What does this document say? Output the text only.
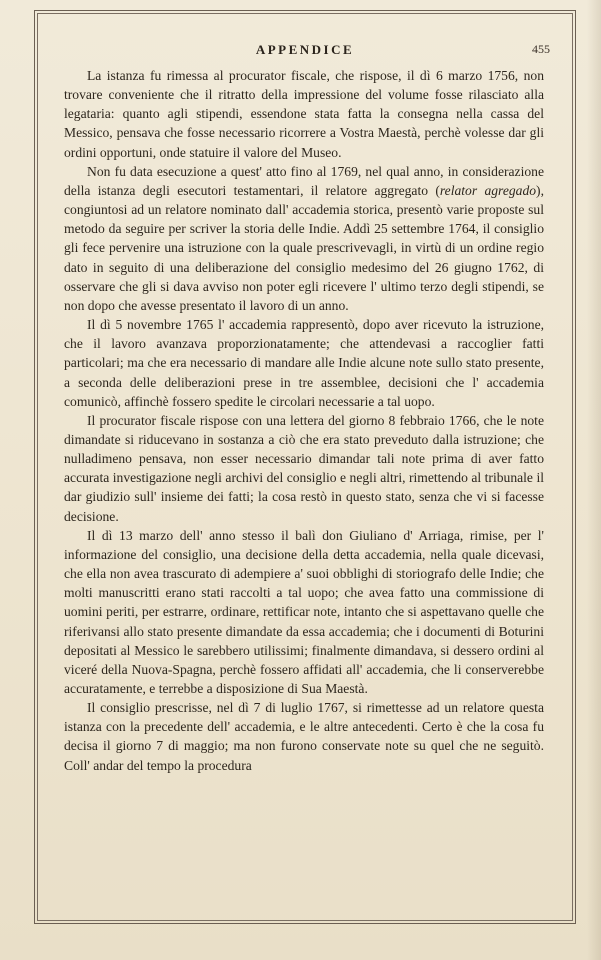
APPENDICE	455

La istanza fu rimessa al procurator fiscale, che rispose, il dì 6 marzo 1756, non trovare conveniente che il ritratto della impressione del volume fosse rilasciato alla legataria: quanto agli stipendi, essendone stata fatta la consegna nella cassa del Messico, pensava che fosse necessario ricorrere a Vostra Maestà, perchè volesse dar gli ordini opportuni, onde statuire il valore del Museo.

Non fu data esecuzione a quest' atto fino al 1769, nel qual anno, in considerazione della istanza degli esecutori testamentari, il relatore aggregato (relator agregado), congiuntosi ad un relatore nominato dall' accademia storica, presentò varie proposte sul metodo da seguire per scriver la storia delle Indie. Addì 25 settembre 1764, il consiglio gli fece pervenire una istruzione con la quale prescrivevagli, in virtù di un ordine regio dato in seguito di una deliberazione del consiglio medesimo del 26 giugno 1762, di osservare che gli si dava avviso non poter egli ricevere l' ultimo terzo degli stipendi, se non dopo che avesse presentato il lavoro di un anno.

Il dì 5 novembre 1765 l' accademia rappresentò, dopo aver ricevuto la istruzione, che il lavoro avanzava proporzionatamente; che attendevasi a raccoglier fatti particolari; ma che era necessario di mandare alle Indie alcune note sullo stato presente, a seconda delle deliberazioni prese in tre assemblee, decisioni che l' accademia comunicò, affinchè fossero spedite le circolari necessarie a tal uopo.

Il procurator fiscale rispose con una lettera del giorno 8 febbraio 1766, che le note dimandate si riducevano in sostanza a ciò che era stato preveduto dalla istruzione; che nulladimeno pensava, non esser necessario dimandar tali note prima di aver fatto accurata investigazione negli archivi del consiglio e negli altri, rimettendo al tribunale il dar giudizio sull' insieme dei fatti; la cosa restò in questo stato, senza che vi si facesse decisione.

Il dì 13 marzo dell' anno stesso il balì don Giuliano d' Arriaga, rimise, per l' informazione del consiglio, una decisione della detta accademia, nella quale dicevasi, che ella non avea trascurato di adempiere a' suoi obblighi di storiografo delle Indie; che molti manuscritti erano stati raccolti a tal uopo; che avea fatto una commissione di uomini periti, per estrarre, ordinare, rettificar note, intanto che si aspettavano quelle che riferivansi allo stato presente dimandate da essa accademia; che i documenti di Boturini depositati al Messico le sarebbero utilissimi; finalmente dimandava, si dessero ordini al viceré della Nuova-Spagna, perchè fossero affidati all' accademia, che li conserverebbe accuratamente, e terrebbe a disposizione di Sua Maestà.

Il consiglio prescrisse, nel dì 7 di luglio 1767, si rimettesse ad un relatore questa istanza con la precedente dell' accademia, e le altre antecedenti. Certo è che la cosa fu decisa il giorno 7 di maggio; ma non furono conservate note su quel che ne seguitò. Coll' andar del tempo la procedura
